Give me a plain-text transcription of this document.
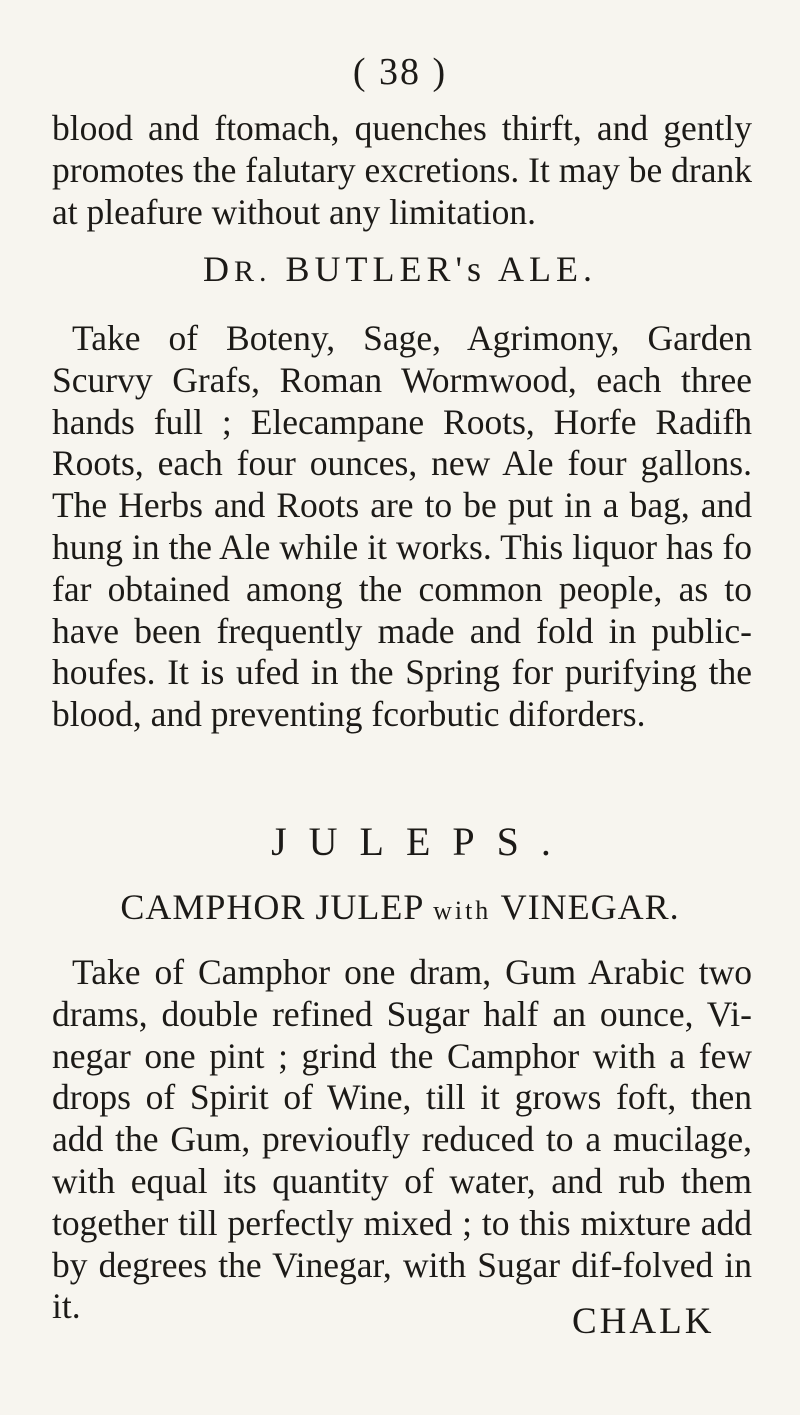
( 38 )

blood and ftomach, quenches thirft, and gently promotes the falutary excretions. It may be drank at pleafure without any limitation.

DR. BUTLER's ALE.

Take of Boteny, Sage, Agrimony, Garden Scurvy Grafs, Roman Wormwood, each three hands full ; Elecampane Roots, Horfe Radifh Roots, each four ounces, new Ale four gallons. The Herbs and Roots are to be put in a bag, and hung in the Ale while it works. This liquor has fo far obtained among the common people, as to have been frequently made and fold in public-houfes. It is ufed in the Spring for purifying the blood, and preventing fcorbutic diforders.

JULEPS.
CAMPHOR JULEP with VINEGAR.

Take of Camphor one dram, Gum Arabic two drams, double refined Sugar half an ounce, Vi-negar one pint ; grind the Camphor with a few drops of Spirit of Wine, till it grows foft, then add the Gum, previoufly reduced to a mucilage, with equal its quantity of water, and rub them together till perfectly mixed ; to this mixture add by degrees the Vinegar, with Sugar dif-folved in it.	CHALK
